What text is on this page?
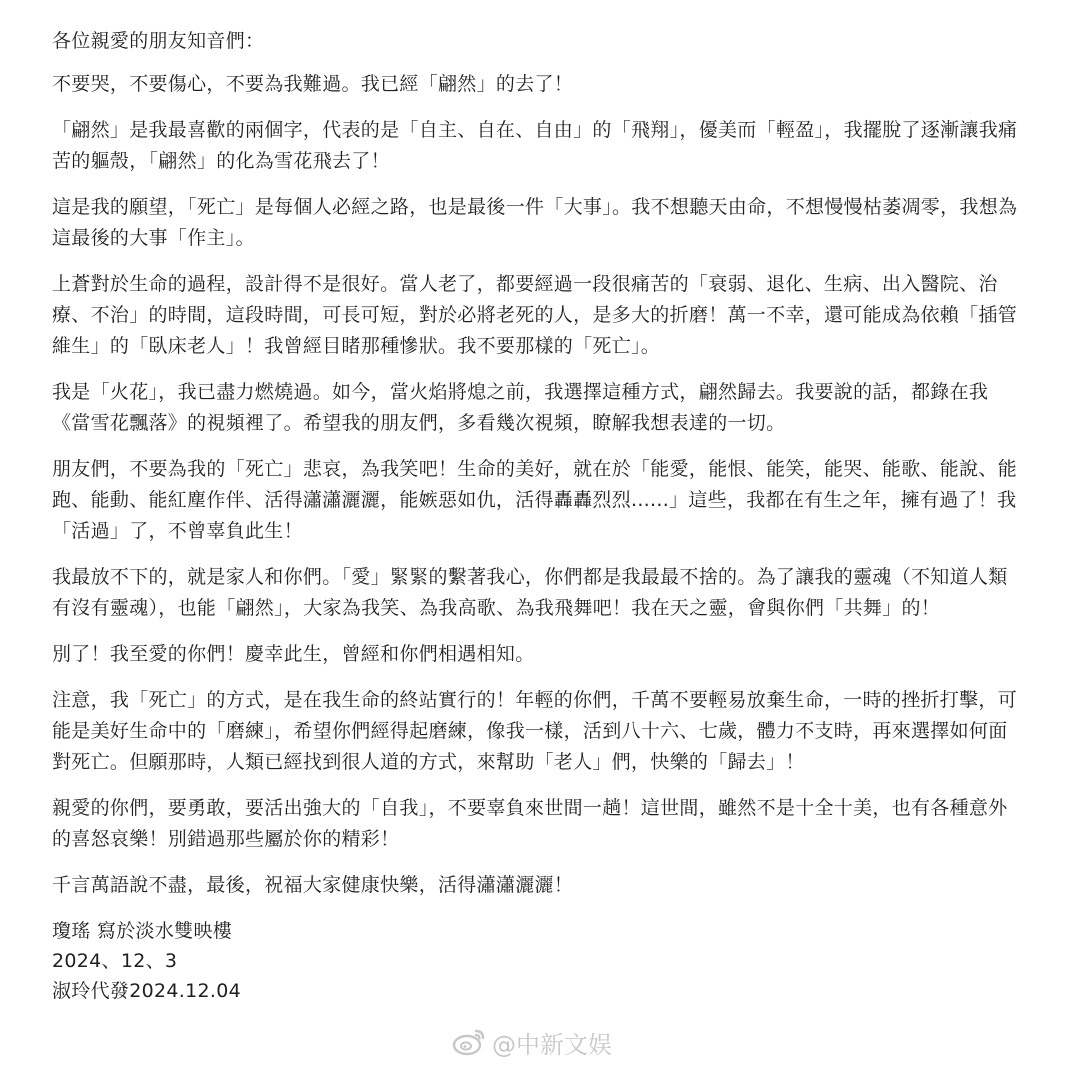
各位親愛的朋友知音們：
不要哭，不要傷心，不要為我難過。我已經「翩然」的去了！
「翩然」是我最喜歡的兩個字，代表的是「自主、自在、自由」的「飛翔」，優美而「輕盈」，我擺脫了逐漸讓我痛苦的軀殼，「翩然」的化為雪花飛去了！
這是我的願望，「死亡」是每個人必經之路，也是最後一件「大事」。我不想聽天由命，不想慢慢枯萎凋零，我想為這最後的大事「作主」。
上蒼對於生命的過程，設計得不是很好。當人老了，都要經過一段很痛苦的「衰弱、退化、生病、出入醫院、治療、不治」的時間，這段時間，可長可短，對於必將老死的人，是多大的折磨！萬一不幸，還可能成為依賴「插管維生」的「臥床老人」！我曾經目睹那種慘狀。我不要那樣的「死亡」。
我是「火花」，我已盡力燃燒過。如今，當火焰將熄之前，我選擇這種方式，翩然歸去。我要說的話，都錄在我《當雪花飄落》的視頻裡了。希望我的朋友們，多看幾次視頻，瞭解我想表達的一切。
朋友們，不要為我的「死亡」悲哀，為我笑吧！生命的美好，就在於「能愛，能恨、能笑，能哭、能歌、能說、能跑、能動、能紅塵作伴、活得瀟瀟灑灑，能嫉惡如仇，活得轟轟烈烈......」這些，我都在有生之年，擁有過了！我「活過」了，不曾辜負此生！
我最放不下的，就是家人和你們。「愛」緊緊的繫著我心，你們都是我最最不捨的。為了讓我的靈魂（不知道人類有沒有靈魂），也能「翩然」，大家為我笑、為我高歌、為我飛舞吧！我在天之靈，會與你們「共舞」的！
別了！我至愛的你們！慶幸此生，曾經和你們相遇相知。
注意，我「死亡」的方式，是在我生命的終站實行的！年輕的你們，千萬不要輕易放棄生命，一時的挫折打擊，可能是美好生命中的「磨練」，希望你們經得起磨練，像我一樣，活到八十六、七歲，體力不支時，再來選擇如何面對死亡。但願那時，人類已經找到很人道的方式，來幫助「老人」們，快樂的「歸去」！
親愛的你們，要勇敢，要活出強大的「自我」，不要辜負來世間一趟！這世間，雖然不是十全十美，也有各種意外的喜怒哀樂！別錯過那些屬於你的精彩！
千言萬語說不盡，最後，祝福大家健康快樂，活得瀟瀟灑灑！
瓊瑤 寫於淡水雙映樓
2024、12、3
淑玲代發2024.12.04
@中新文娱
